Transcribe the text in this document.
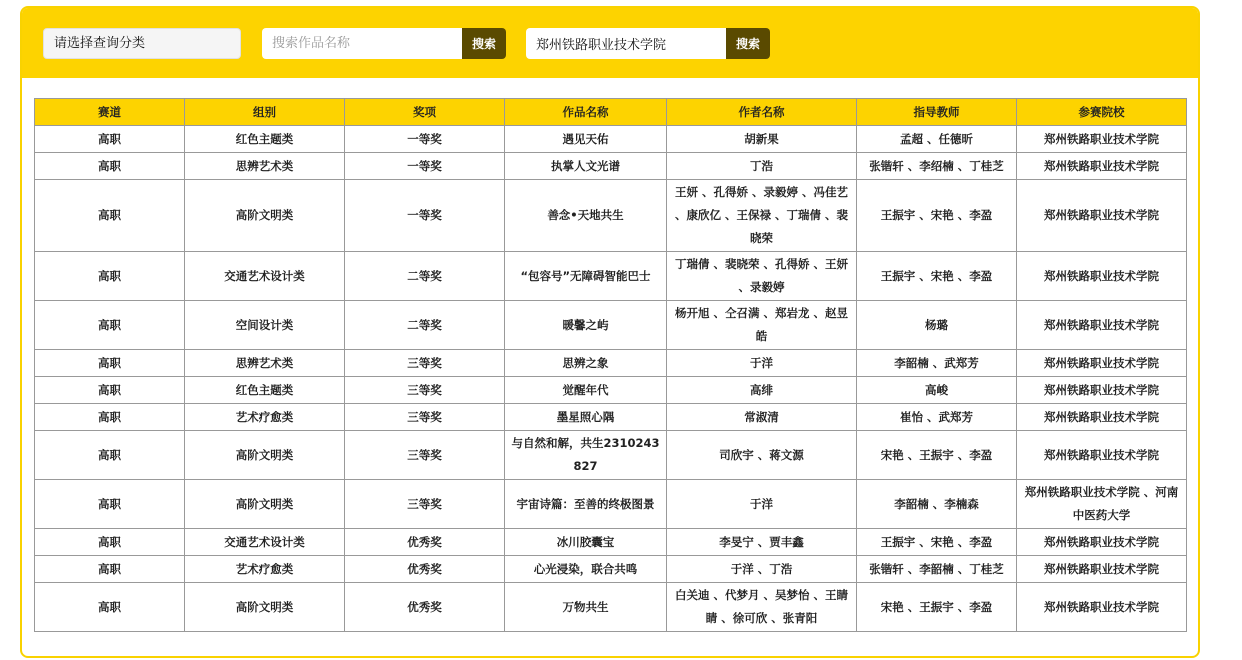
请选择查询分类
搜索作品名称	搜索
郑州铁路职业技术学院	搜索
赛道	组别	奖项	作品名称	作者名称	指导教师	参赛院校
高职	红色主题类	一等奖	遇见天佑	胡新果	孟超 、任德昕	郑州铁路职业技术学院
高职	思辨艺术类	一等奖	执掌人文光谱	丁浩	张锴轩 、李绍楠 、丁桂芝	郑州铁路职业技术学院
高职	高阶文明类	一等奖	善念•天地共生	王妍 、孔得娇 、录毅婷 、冯佳艺 、康欣亿 、王保禄 、丁瑞倩 、裴晓荣	王振宇 、宋艳 、李盈	郑州铁路职业技术学院
高职	交通艺术设计类	二等奖	“包容号”无障碍智能巴士	丁瑞倩 、裴晓荣 、孔得娇 、王妍 、录毅婷	王振宇 、宋艳 、李盈	郑州铁路职业技术学院
高职	空间设计类	二等奖	暖馨之屿	杨开旭 、仝召满 、郑岩龙 、赵昱皓	杨璐	郑州铁路职业技术学院
高职	思辨艺术类	三等奖	思辨之象	于洋	李韶楠 、武郑芳	郑州铁路职业技术学院
高职	红色主题类	三等奖	觉醒年代	高绯	高峻	郑州铁路职业技术学院
高职	艺术疗愈类	三等奖	墨星照心隅	常淑清	崔怡 、武郑芳	郑州铁路职业技术学院
高职	高阶文明类	三等奖	与自然和解，共生2310243827	司欣宇 、蒋文源	宋艳 、王振宇 、李盈	郑州铁路职业技术学院
高职	高阶文明类	三等奖	宇宙诗篇：至善的终极图景	于洋	李韶楠 、李楠森	郑州铁路职业技术学院 、河南中医药大学
高职	交通艺术设计类	优秀奖	冰川胶囊宝	李旻宁 、贾丰鑫	王振宇 、宋艳 、李盈	郑州铁路职业技术学院
高职	艺术疗愈类	优秀奖	心光浸染，联合共鸣	于洋 、丁浩	张锴轩 、李韶楠 、丁桂芝	郑州铁路职业技术学院
高职	高阶文明类	优秀奖	万物共生	白关迪 、代梦月 、吴梦怡 、王睛睛 、徐可欣 、张青阳	宋艳 、王振宇 、李盈	郑州铁路职业技术学院
